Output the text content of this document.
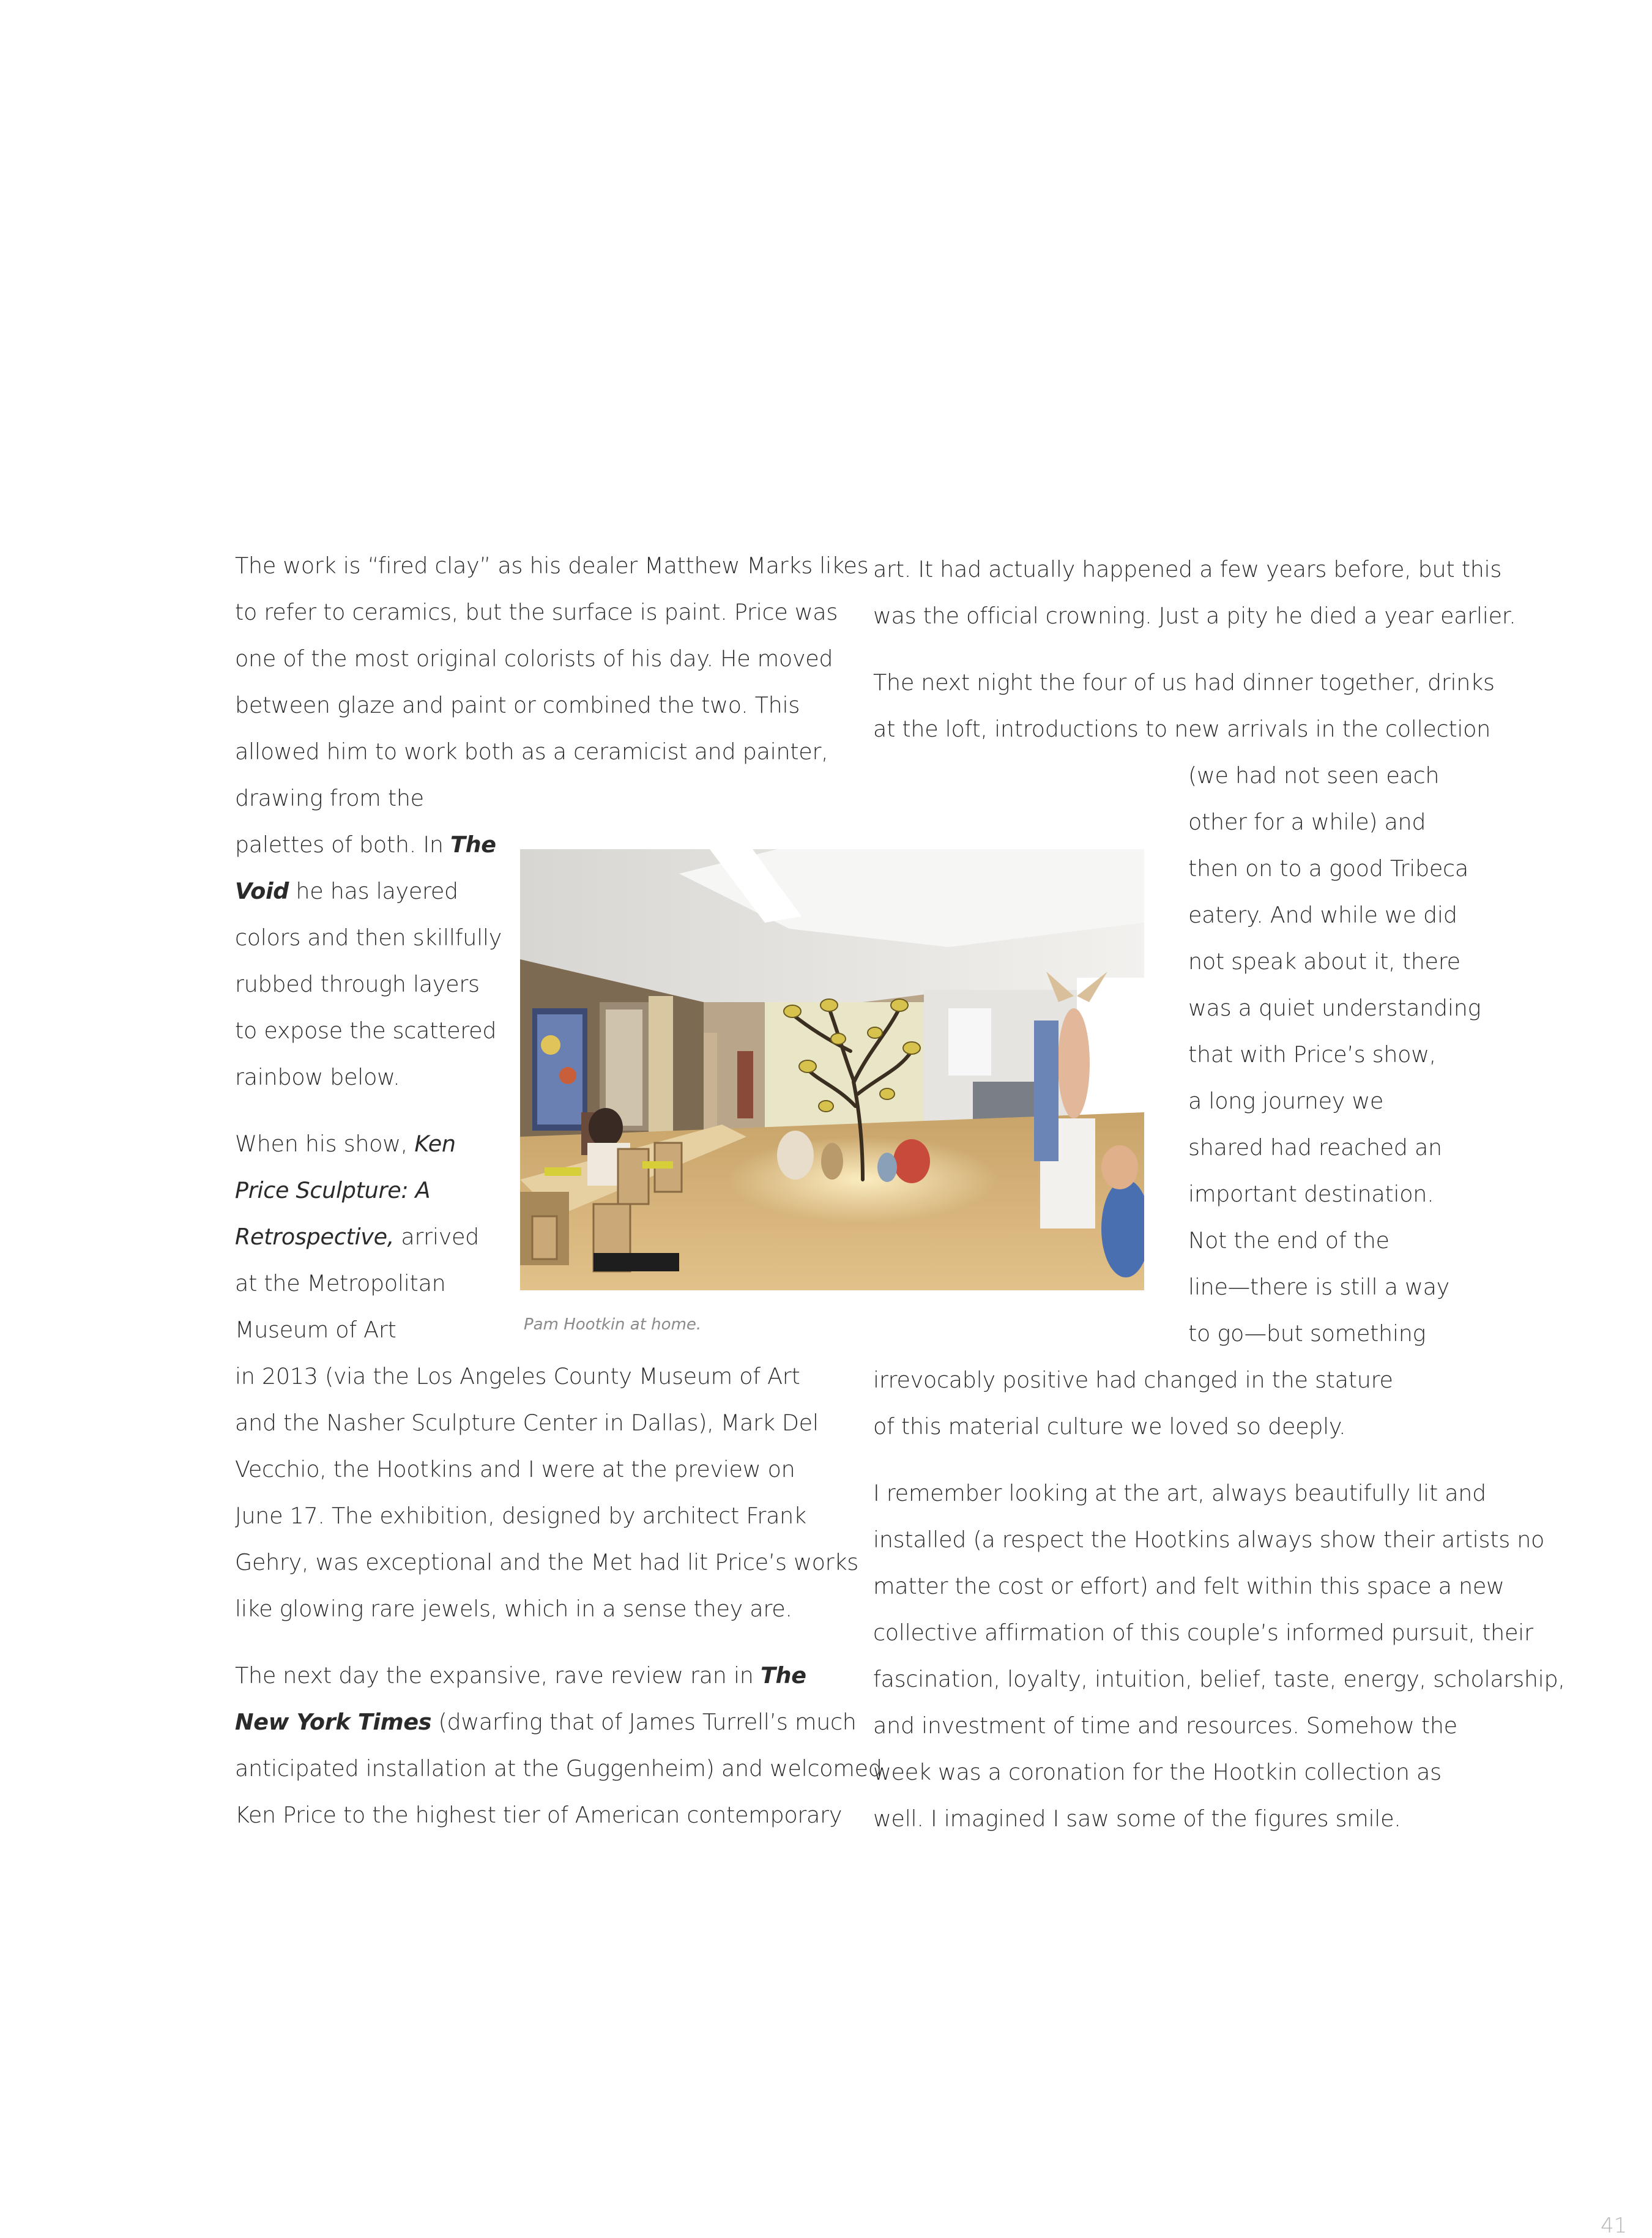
The work is “fired clay” as his dealer Matthew Marks likes

to refer to ceramics, but the surface is paint. Price was

one of the most original colorists of his day. He moved

between glaze and paint or combined the two. This

allowed him to work both as a ceramicist and painter,

drawing from the

palettes of both. In The

Void he has layered

colors and then skillfully

rubbed through layers

to expose the scattered

rainbow below.

When his show, Ken

Price Sculpture: A

Retrospective, arrived

at the Metropolitan

Museum of Art

in 2013 (via the Los Angeles County Museum of Art

and the Nasher Sculpture Center in Dallas), Mark Del

Vecchio, the Hootkins and I were at the preview on

June 17. The exhibition, designed by architect Frank

Gehry, was exceptional and the Met had lit Price’s works

like glowing rare jewels, which in a sense they are.

The next day the expansive, rave review ran in The

New York Times (dwarfing that of James Turrell’s much

anticipated installation at the Guggenheim) and welcomed

Ken Price to the highest tier of American contemporary

art. It had actually happened a few years before, but this

was the official crowning. Just a pity he died a year earlier.

The next night the four of us had dinner together, drinks

at the loft, introductions to new arrivals in the collection

(we had not seen each

other for a while) and

then on to a good Tribeca

eatery. And while we did

not speak about it, there

was a quiet understanding

that with Price’s show,

a long journey we

shared had reached an

important destination.

Not the end of the

line—there is still a way

to go—but something

irrevocably positive had changed in the stature

of this material culture we loved so deeply.

I remember looking at the art, always beautifully lit and

installed (a respect the Hootkins always show their artists no

matter the cost or effort) and felt within this space a new

collective affirmation of this couple’s informed pursuit, their

fascination, loyalty, intuition, belief, taste, energy, scholarship,

and investment of time and resources. Somehow the

week was a coronation for the Hootkin collection as

well. I imagined I saw some of the figures smile.

Pam Hootkin at home.

41
